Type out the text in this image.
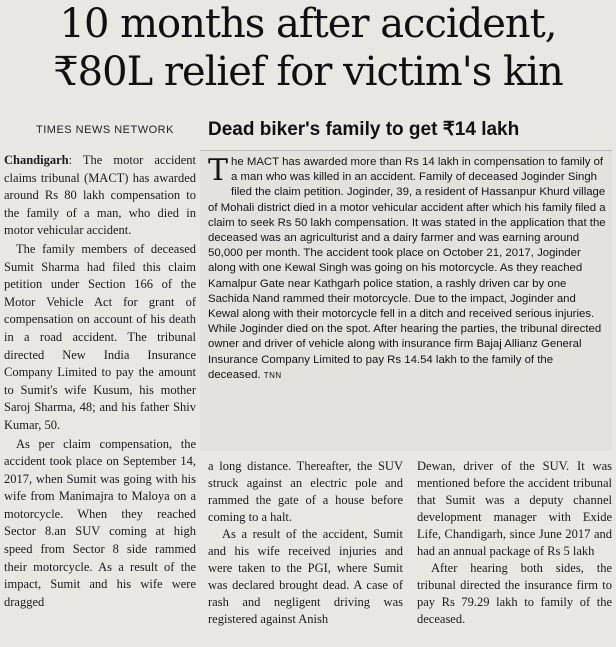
10 months after accident,
₹80L relief for victim's kin
TIMES NEWS NETWORK Dead biker's family to get ₹14 lakh

Chandigarh: The motor accident claims tribunal (MACT) has awarded around Rs 80 lakh compensation to the family of a man, who died in motor vehicular accident.

The family members of deceased Sumit Sharma had filed this claim petition under Section 166 of the Motor Vehicle Act for grant of compensation on account of his death in a road accident. The tribunal directed New India Insurance Company Limited to pay the amount to Sumit's wife Kusum, his mother Saroj Sharma, 48; and his father Shiv Kumar, 50.

As per claim compensation, the accident took place on September 14, 2017, when Sumit was going with his wife from Manimajra to Maloya on a motorcycle. When they reached Sector 8.an SUV coming at high speed from Sector 8 side rammed their motorcycle. As a result of the impact, Sumit and his wife were dragged

The MACT has awarded more than Rs 14 lakh in compensation to family of a man who was killed in an accident. Family of deceased Joginder Singh filed the claim petition. Joginder, 39, a resident of Hassanpur Khurd village of Mohali district died in a motor vehicular accident after which his family filed a claim to seek Rs 50 lakh compensation. It was stated in the application that the deceased was an agriculturist and a dairy farmer and was earning around 50,000 per month. The accident took place on October 21, 2017, Joginder along with one Kewal Singh was going on his motorcycle. As they reached Kamalpur Gate near Kathgarh police station, a rashly driven car by one Sachida Nand rammed their motorcycle. Due to the impact, Joginder and Kewal along with their motorcycle fell in a ditch and received serious injuries. While Joginder died on the spot. After hearing the parties, the tribunal directed owner and driver of vehicle along with insurance firm Bajaj Allianz General Insurance Company Limited to pay Rs 14.54 lakh to the family of the deceased. TNN

a long distance. Thereafter, the SUV struck against an electric pole and rammed the gate of a house before coming to a halt.

As a result of the accident, Sumit and his wife received injuries and were taken to the PGI, where Sumit was declared brought dead. A case of rash and negligent driving was registered against Anish

Dewan, driver of the SUV. It was mentioned before the accident tribunal that Sumit was a deputy channel development manager with Exide Life, Chandigarh, since June 2017 and had an annual package of Rs 5 lakh

After hearing both sides, the tribunal directed the insurance firm to pay Rs 79.29 lakh to family of the deceased.
